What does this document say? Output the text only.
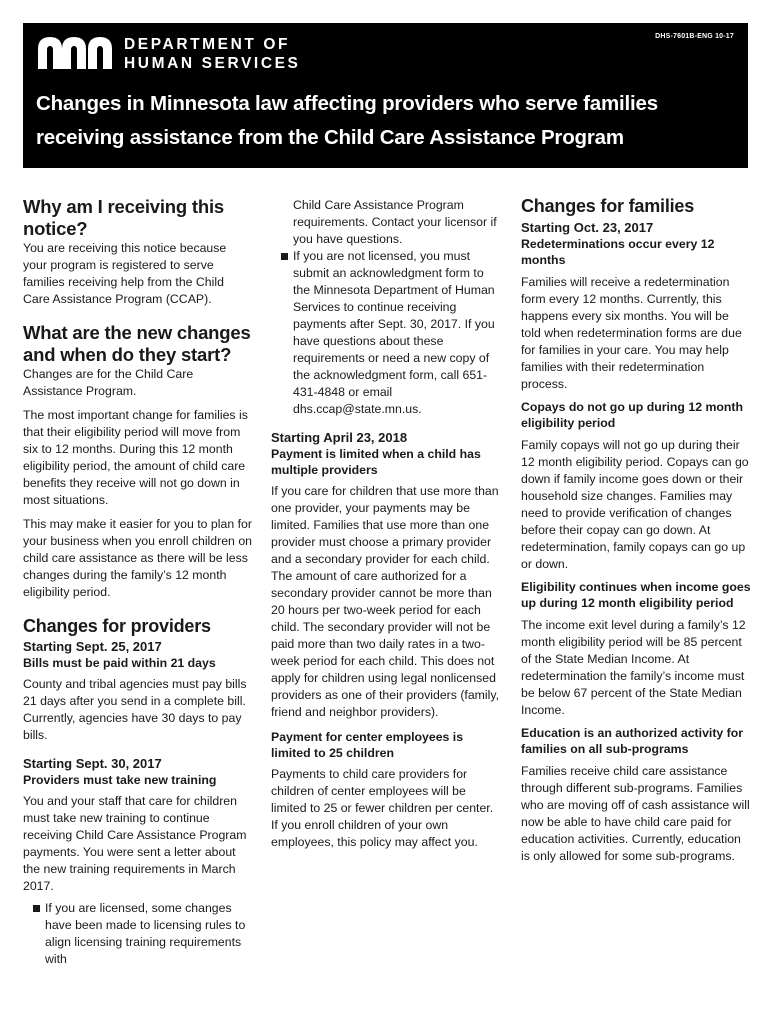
DHS-7601B-ENG 10-17
DEPARTMENT OF
HUMAN SERVICES
Changes in Minnesota law affecting providers who serve families
receiving assistance from the Child Care Assistance Program
Why am I receiving this
notice?

You are receiving this notice because your program is registered to serve families receiving help from the Child Care Assistance Program (CCAP).

What are the new changes
and when do they start?

Changes are for the Child Care Assistance Program.

The most important change for families is that their eligibility period will move from six to 12 months. During this 12 month eligibility period, the amount of child care benefits they receive will not go down in most situations.

This may make it easier for you to plan for your business when you enroll children on child care assistance as there will be less changes during the family’s 12 month eligibility period.

Changes for providers
Starting Sept. 25, 2017
Bills must be paid within 21 days

County and tribal agencies must pay bills 21 days after you send in a complete bill. Currently, agencies have 30 days to pay bills.

Starting Sept. 30, 2017
Providers must take new training

You and your staff that care for children must take new training to continue receiving Child Care Assistance Program payments. You were sent a letter about the new training requirements in March 2017.

If you are licensed, some changes have been made to licensing rules to align licensing training requirements with
Child Care Assistance Program requirements. Contact your licensor if you have questions.
If you are not licensed, you must submit an acknowledgment form to the Minnesota Department of Human Services to continue receiving payments after Sept. 30, 2017. If you have questions about these requirements or need a new copy of the acknowledgment form, call 651-431-4848 or email dhs.ccap@state.mn.us.
Starting April 23, 2018
Payment is limited when a child has multiple providers

If you care for children that use more than one provider, your payments may be limited. Families that use more than one provider must choose a primary provider and a secondary provider for each child. The amount of care authorized for a secondary provider cannot be more than 20 hours per two-week period for each child. The secondary provider will not be paid more than two daily rates in a two-week period for each child. This does not apply for children using legal nonlicensed providers as one of their providers (family, friend and neighbor providers).

Payment for center employees is limited to 25 children

Payments to child care providers for children of center employees will be limited to 25 or fewer children per center. If you enroll children of your own employees, this policy may affect you.

Changes for families
Starting Oct. 23, 2017
Redeterminations occur every 12 months

Families will receive a redetermination form every 12 months. Currently, this happens every six months. You will be told when redetermination forms are due for families in your care. You may help families with their redetermination process.

Copays do not go up during 12 month eligibility period

Family copays will not go up during their 12 month eligibility period. Copays can go down if family income goes down or their household size changes. Families may need to provide verification of changes before their copay can go down. At redetermination, family copays can go up or down.

Eligibility continues when income goes up during 12 month eligibility period

The income exit level during a family’s 12 month eligibility period will be 85 percent of the State Median Income. At redetermination the family’s income must be below 67 percent of the State Median Income.

Education is an authorized activity for families on all sub-programs

Families receive child care assistance through different sub-programs. Families who are moving off of cash assistance will now be able to have child care paid for education activities. Currently, education is only allowed for some sub-programs.
